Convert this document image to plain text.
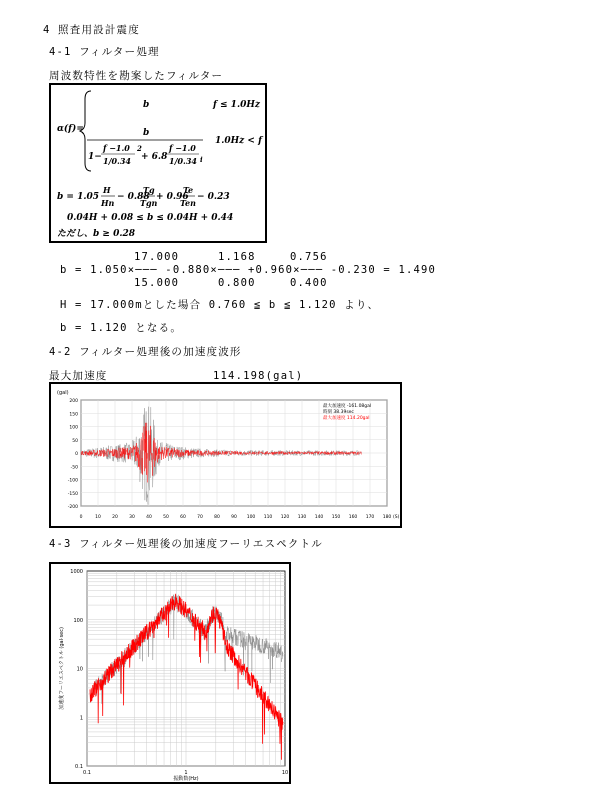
4 照査用設計震度
4-1 フィルター処理
周波数特性を勘案したフィルター
α(f)=
b	f ≤ 1.0Hz
b
1−
f −1.0
1/0.34
2
+ 6.8
f −1.0
1/0.34 i
1.0Hz < f
b = 1.05
H
Hn
− 0.88
Tg
Tgn
+ 0.96
Te
Ten
− 0.23
0.04H + 0.08 ≤ b ≤ 0.04H + 0.44
ただし、b ≥ 0.28
17.000	1.168	0.756
b = 1.050×─── -0.880×─── +0.960×─── -0.230 = 1.490
15.000	0.800	0.400
H = 17.000mとした場合 0.760 ≦ b ≦ 1.120 より、
b = 1.120 となる。
4-2 フィルター処理後の加速度波形
最大加速度	114.198(gal)
200
150
100
50
0
-50
-100
-150
-200
(gal)
0	10	20	30	40	50	60	70	80	90 100 110 120 130 140 150 160 170 180 (S)
最大加速度 -161.08gal
時刻 38.39sec
最大加速度 114.20gal
4-3 フィルター処理後の加速度フーリエスペクトル
1000
100
10
1
0.1
0.1	1	10
振動数(Hz)
加速度フーリエスペクトル (gal·sec)
